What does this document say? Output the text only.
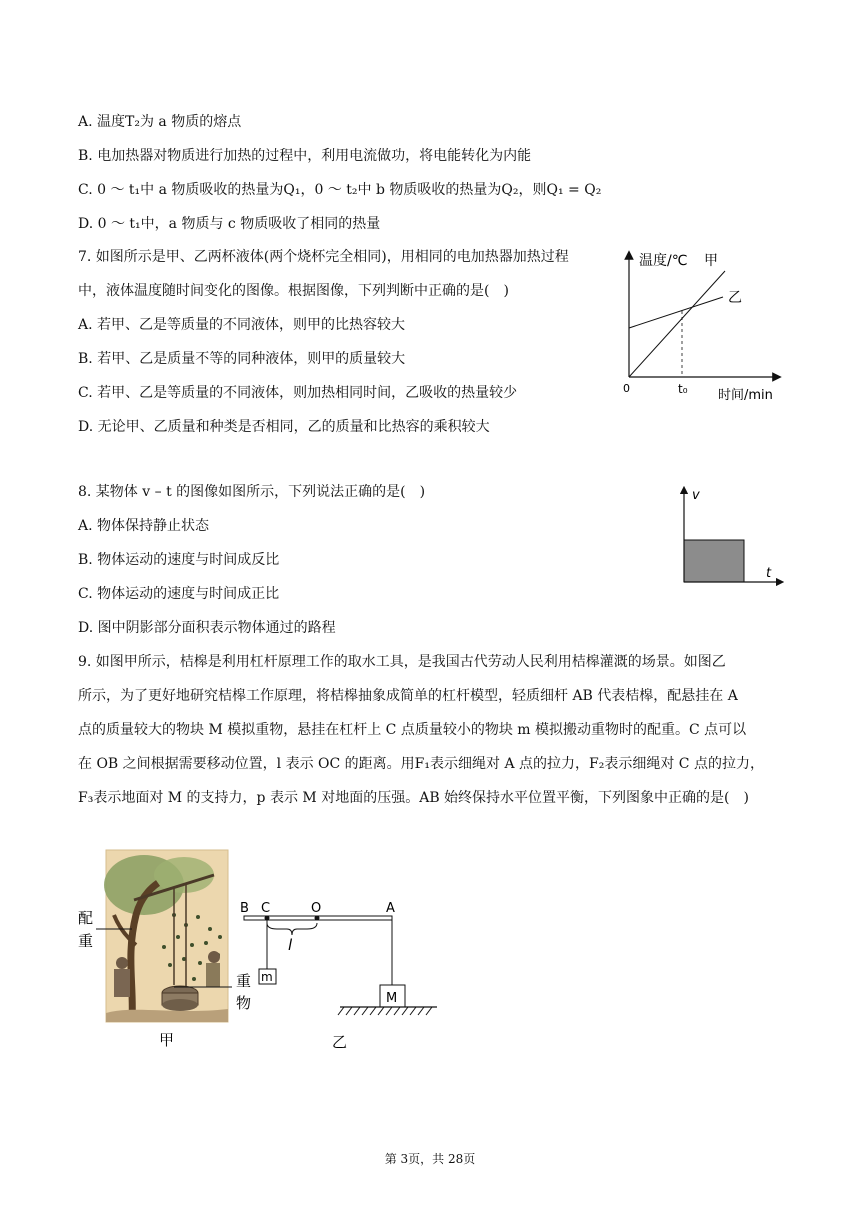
A. 温度T₂为 a 物质的熔点
B. 电加热器对物质进行加热的过程中，利用电流做功，将电能转化为内能
C. 0 ～ t₁中 a 物质吸收的热量为Q₁，0 ～ t₂中 b 物质吸收的热量为Q₂，则Q₁ = Q₂
D. 0 ～ t₁中，a 物质与 c 物质吸收了相同的热量
7. 如图所示是甲、乙两杯液体(两个烧杯完全相同)，用相同的电加热器加热过程
中，液体温度随时间变化的图像。根据图像，下列判断中正确的是(　)
A. 若甲、乙是等质量的不同液体，则甲的比热容较大
B. 若甲、乙是质量不等的同种液体，则甲的质量较大
C. 若甲、乙是等质量的不同液体，则加热相同时间，乙吸收的热量较少
D. 无论甲、乙质量和种类是否相同，乙的质量和比热容的乘积较大
温度/℃ 甲
乙
0	t₀ 时间/min
8. 某物体 v – t 的图像如图所示，下列说法正确的是(　)
A. 物体保持静止状态
B. 物体运动的速度与时间成反比
C. 物体运动的速度与时间成正比
D. 图中阴影部分面积表示物体通过的路程
v
t
9. 如图甲所示，桔槔是利用杠杆原理工作的取水工具，是我国古代劳动人民利用桔槔灌溉的场景。如图乙
所示，为了更好地研究桔槔工作原理，将桔槔抽象成简单的杠杆模型，轻质细杆 AB 代表桔槔，配悬挂在 A
点的质量较大的物块 M 模拟重物，悬挂在杠杆上 C 点质量较小的物块 m 模拟搬动重物时的配重。C 点可以
在 OB 之间根据需要移动位置，l 表示 OC 的距离。用F₁表示细绳对 A 点的拉力，F₂表示细绳对 C 点的拉力，
F₃表示地面对 M 的支持力，p 表示 M 对地面的压强。AB 始终保持水平位置平衡，下列图象中正确的是(　)
配
重
重
物
甲
l
B C	O	A
m
M
乙
第 3页，共 28页
